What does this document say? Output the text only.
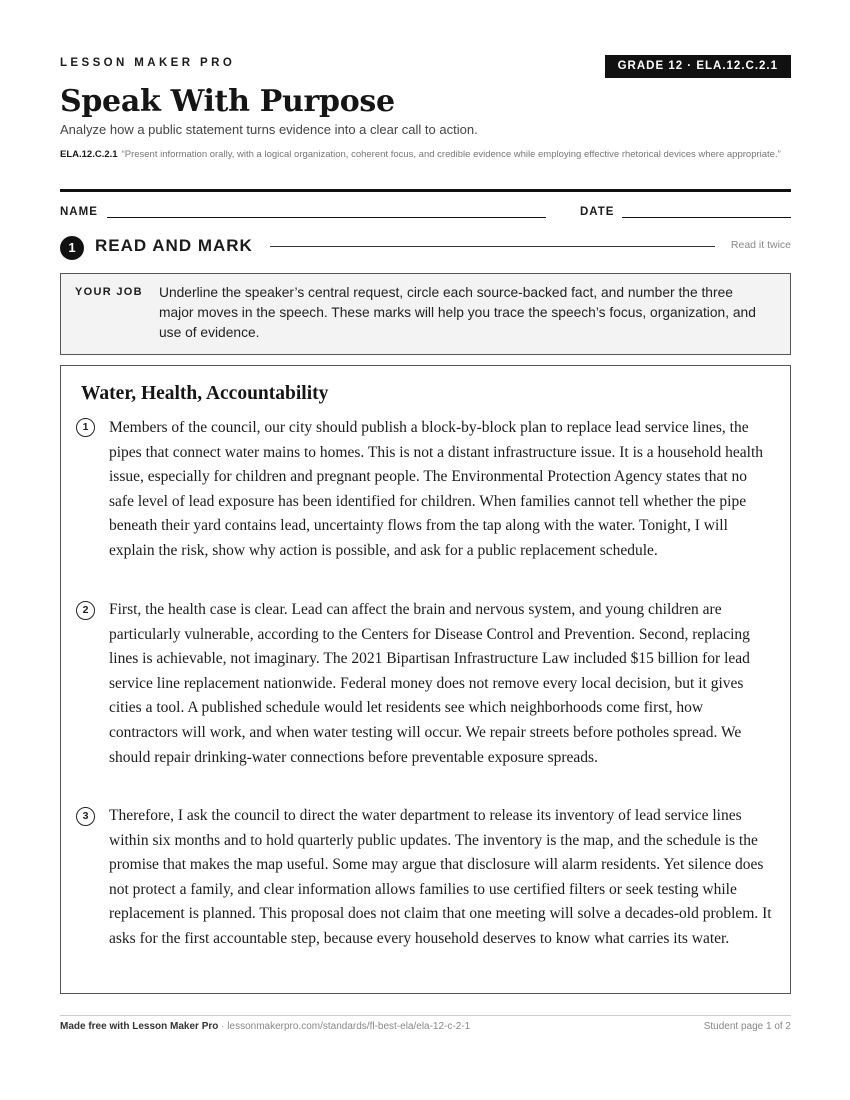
LESSON MAKER PRO	GRADE 12 · ELA.12.C.2.1
Speak With Purpose
Analyze how a public statement turns evidence into a clear call to action.
ELA.12.C.2.1 “Present information orally, with a logical organization, coherent focus, and credible evidence while employing effective rhetorical devices where appropriate.”
NAME	DATE
1	READ AND MARK	Read it twice
YOUR JOB Underline the speaker’s central request, circle each source-backed fact, and number the three major moves in the speech. These marks will help you trace the speech’s focus, organization, and use of evidence.
Water, Health, Accountability
1	Members of the council, our city should publish a block-by-block plan to replace lead service lines, the pipes that connect water mains to homes. This is not a distant infrastructure issue. It is a household health issue, especially for children and pregnant people. The Environmental Protection Agency states that no safe level of lead exposure has been identified for children. When families cannot tell whether the pipe beneath their yard contains lead, uncertainty flows from the tap along with the water. Tonight, I will explain the risk, show why action is possible, and ask for a public replacement schedule.

2	First, the health case is clear. Lead can affect the brain and nervous system, and young children are particularly vulnerable, according to the Centers for Disease Control and Prevention. Second, replacing lines is achievable, not imaginary. The 2021 Bipartisan Infrastructure Law included $15 billion for lead service line replacement nationwide. Federal money does not remove every local decision, but it gives cities a tool. A published schedule would let residents see which neighborhoods come first, how contractors will work, and when water testing will occur. We repair streets before potholes spread. We should repair drinking-water connections before preventable exposure spreads.

3	Therefore, I ask the council to direct the water department to release its inventory of lead service lines within six months and to hold quarterly public updates. The inventory is the map, and the schedule is the promise that makes the map useful. Some may argue that disclosure will alarm residents. Yet silence does not protect a family, and clear information allows families to use certified filters or seek testing while replacement is planned. This proposal does not claim that one meeting will solve a decades-old problem. It asks for the first accountable step, because every household deserves to know what carries its water.

Made free with Lesson Maker Pro · lessonmakerpro.com/standards/fl-best-ela/ela-12-c-2-1	Student page 1 of 2
